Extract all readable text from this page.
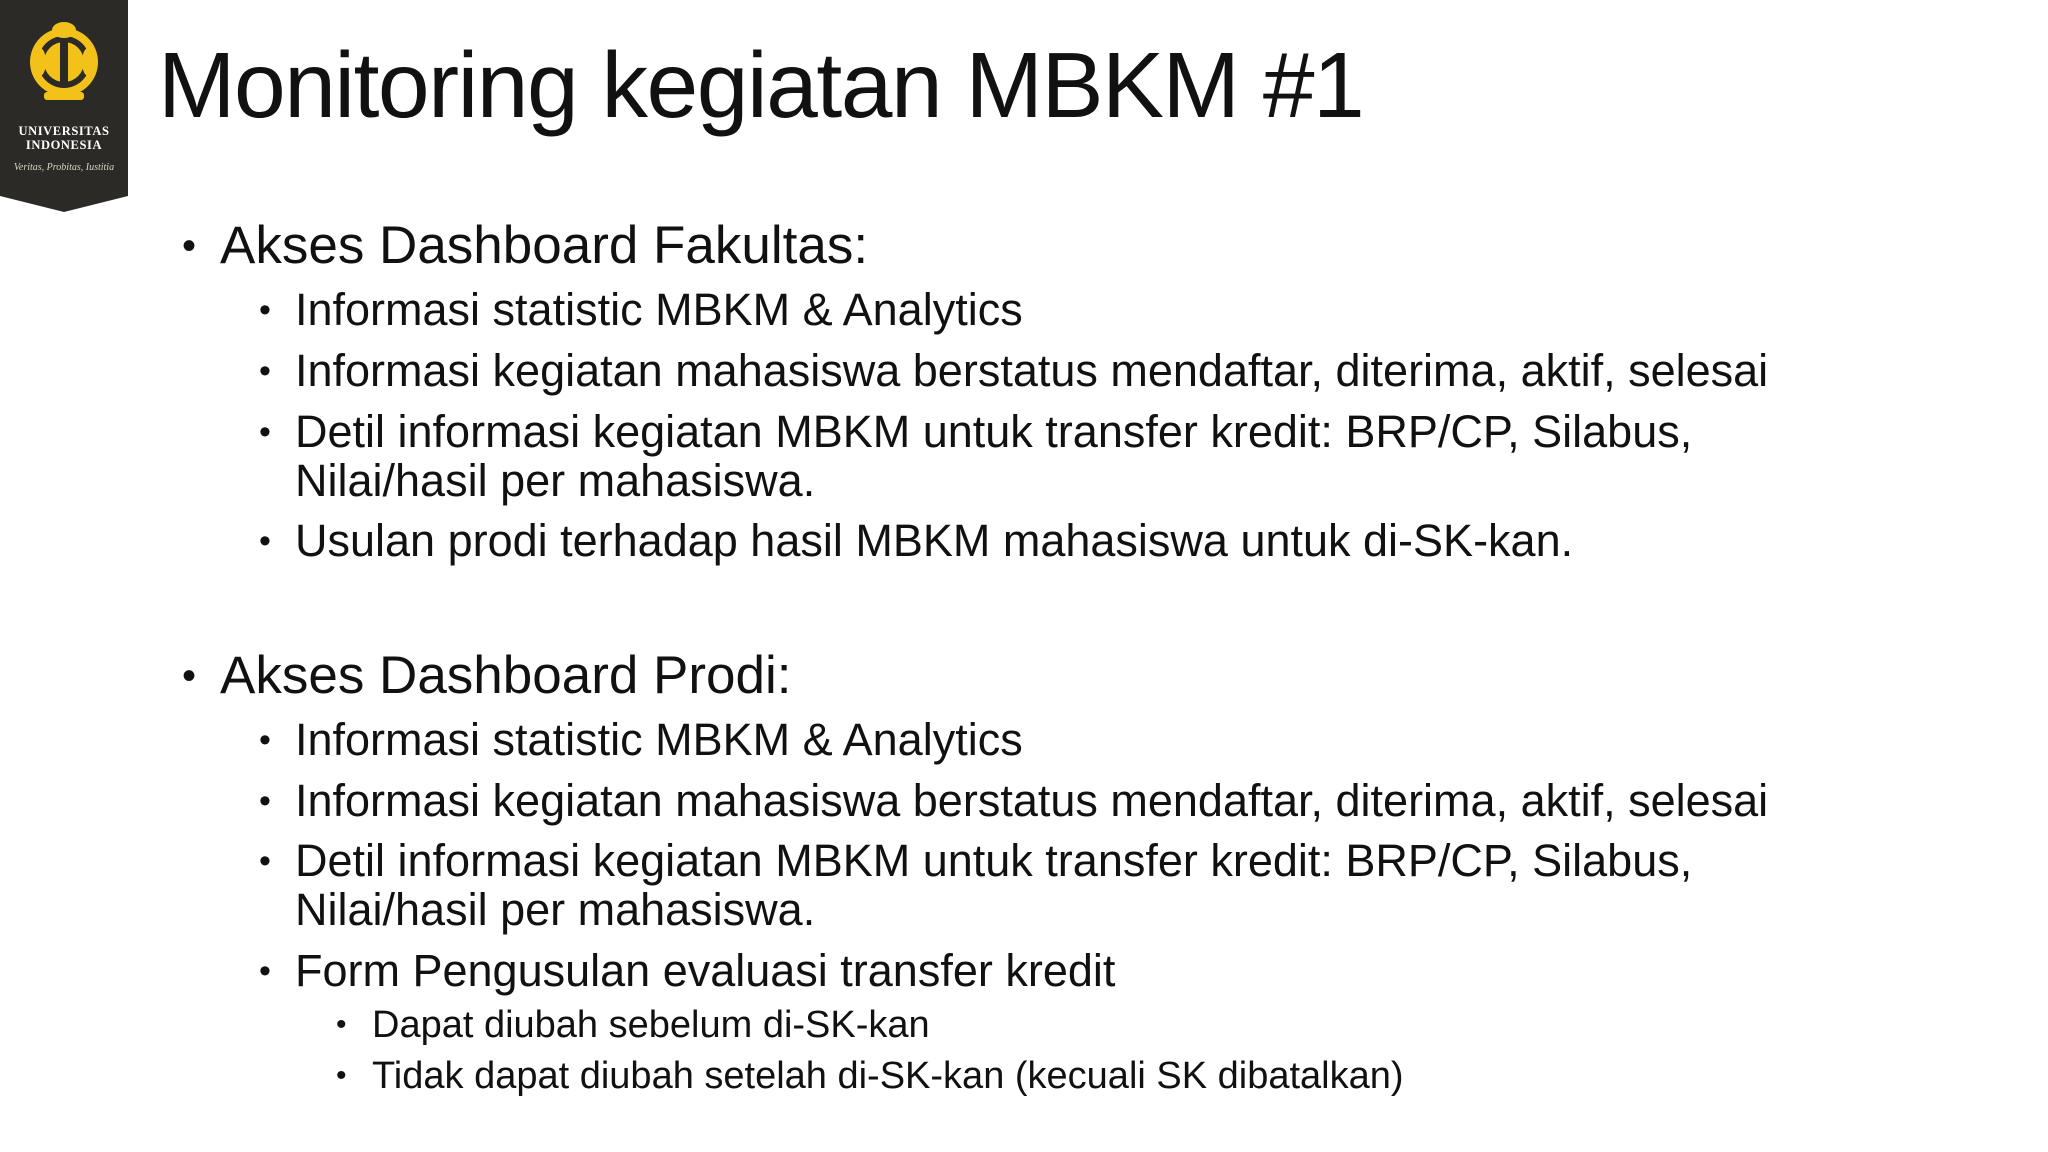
UNIVERSITAS
INDONESIA
Veritas, Probitas, Iustitia
Monitoring kegiatan MBKM #1
• Akses Dashboard Fakultas:
• Informasi statistic MBKM & Analytics
• Informasi kegiatan mahasiswa berstatus mendaftar, diterima, aktif, selesai
• Detil informasi kegiatan MBKM untuk transfer kredit: BRP/CP, Silabus,
Nilai/hasil per mahasiswa.
• Usulan prodi terhadap hasil MBKM mahasiswa untuk di-SK-kan.
• Akses Dashboard Prodi:
• Informasi statistic MBKM & Analytics
• Informasi kegiatan mahasiswa berstatus mendaftar, diterima, aktif, selesai
• Detil informasi kegiatan MBKM untuk transfer kredit: BRP/CP, Silabus,
Nilai/hasil per mahasiswa.
• Form Pengusulan evaluasi transfer kredit
• Dapat diubah sebelum di-SK-kan
• Tidak dapat diubah setelah di-SK-kan (kecuali SK dibatalkan)
